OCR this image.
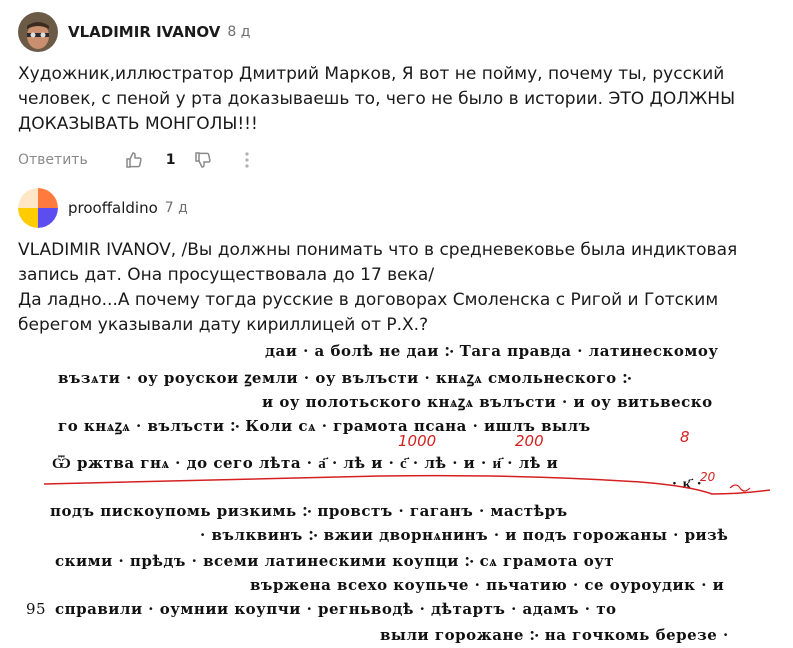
VLADIMIR IVANOV 8 д
Художник,иллюстратор Дмитрий Марков, Я вот не пойму, почему ты, русский человек, с пеной у рта доказываешь то, чего не было в истории. ЭТО ДОЛЖНЫ ДОКАЗЫВАТЬ МОНГОЛЫ!!!
Ответить	1
prooffaldino 7 д
VLADIMIR IVANOV, /Вы должны понимать что в средневековье была индиктовая
запись дат. Она просуществовала до 17 века/
Да ладно...А почему тогда русские в договорах Смоленска с Ригой и Готским
берегом указывали дату кириллицей от Р.Х.?
даи · а болѣ не даи ჻ Тага правда · латинескомоу
възѧти · оу роускои ꙁемли · оу вълъсти · кнѧꙁѧ смольнеского ჻
и оу полотьского кнѧꙁѧ вълъсти · и оу витьвеско
го кнѧꙁѧ · вълъсти ჻ Коли сѧ · грамота псана · ишлъ вылъ
Ѿ ржтва гнѧ · до сего лѣта · а҃ · лѣ и · с҃ · лѣ · и · и҃ · лѣ и
· к҃ ·
подъ пискоупомь ризкимь ჻ провстъ · гаганъ · мастѣръ
· вълквинъ ჻ вжии дворнѧнинъ · и подъ горожаны · ризѣ
скими · прѣдъ · всеми латинескими коупци ჻ сѧ грамота оут
вържена всехо коупьче · пьчатию · се оуроудик · и
95 справили · оумнии коупчи · регньводѣ · дѣтартъ · адамъ · то
выли горожане ჻ на гочкомь березе ·
1000	200	8
20
